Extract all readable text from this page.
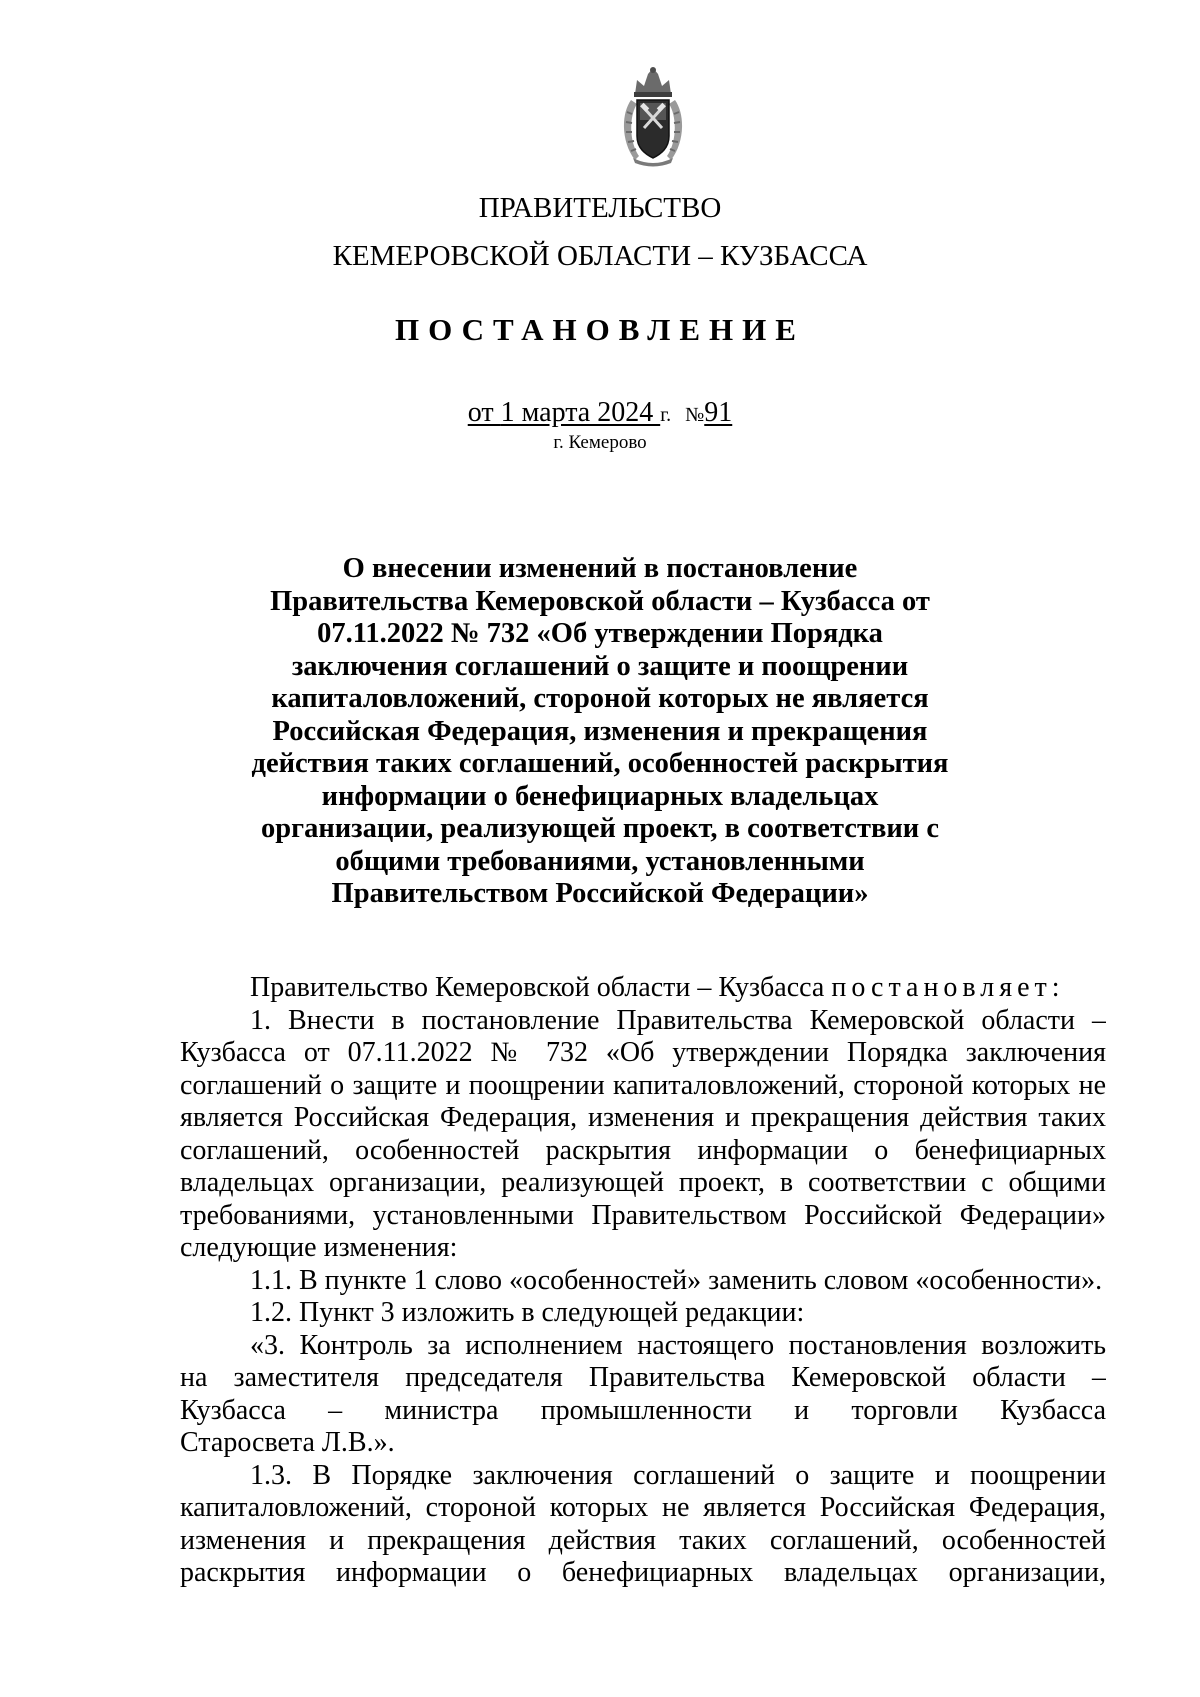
ПРАВИТЕЛЬСТВО
КЕМЕРОВСКОЙ ОБЛАСТИ – КУЗБАССА
ПОСТАНОВЛЕНИЕ
от 1 марта 2024 г. №91
г. Кемерово
О внесении изменений в постановление
Правительства Кемеровской области – Кузбасса от
07.11.2022 № 732 «Об утверждении Порядка
заключения соглашений о защите и поощрении
капиталовложений, стороной которых не является
Российская Федерация, изменения и прекращения
действия таких соглашений, особенностей раскрытия
информации о бенефициарных владельцах
организации, реализующей проект, в соответствии с
общими требованиями, установленными
Правительством Российской Федерации»
Правительство Кемеровской области – Кузбасса постановляет:
1. Внести в постановление Правительства Кемеровской области –
Кузбасса от 07.11.2022 № 732 «Об утверждении Порядка заключения
соглашений о защите и поощрении капиталовложений, стороной которых не
является Российская Федерация, изменения и прекращения действия таких
соглашений, особенностей раскрытия информации о бенефициарных
владельцах организации, реализующей проект, в соответствии с общими
требованиями, установленными Правительством Российской Федерации»
следующие изменения:
1.1. В пункте 1 слово «особенностей» заменить словом «особенности».
1.2. Пункт 3 изложить в следующей редакции:
«3. Контроль за исполнением настоящего постановления возложить
на заместителя председателя Правительства Кемеровской области –
Кузбасса – министра промышленности и торговли Кузбасса
Старосвета Л.В.».
1.3. В Порядке заключения соглашений о защите и поощрении
капиталовложений, стороной которых не является Российская Федерация,
изменения и прекращения действия таких соглашений, особенностей
раскрытия информации о бенефициарных владельцах организации,
